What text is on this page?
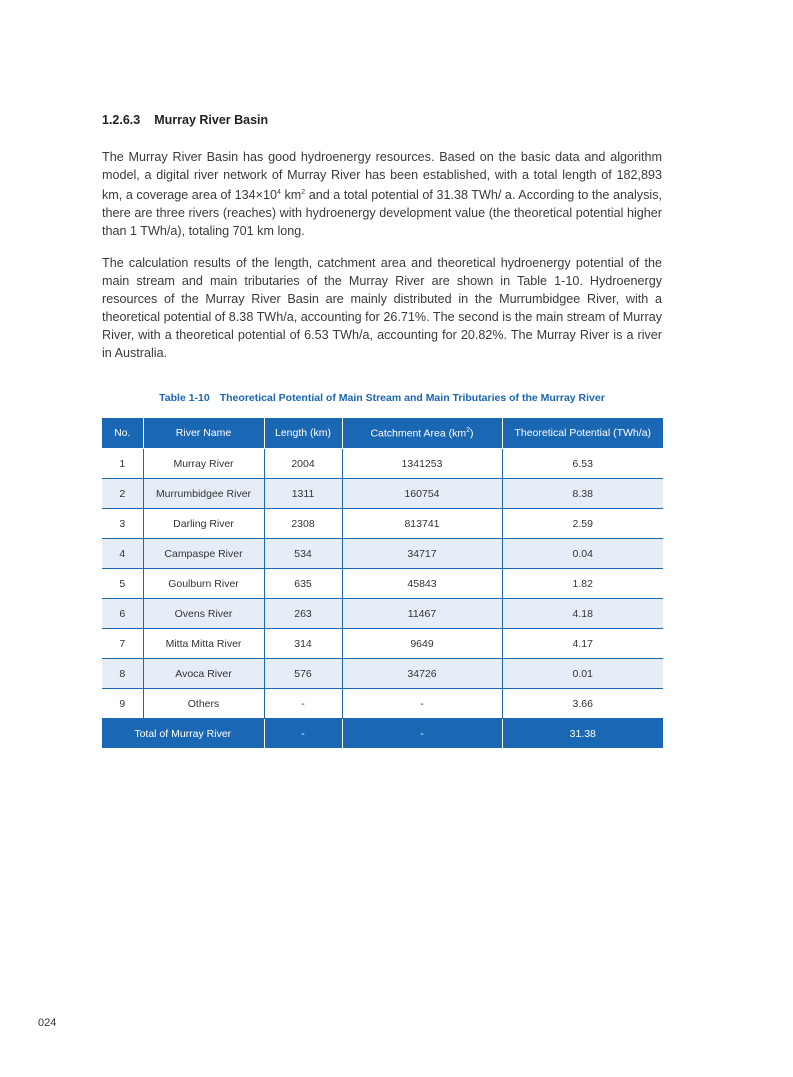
1.2.6.3 Murray River Basin
The Murray River Basin has good hydroenergy resources. Based on the basic data and algorithm model, a digital river network of Murray River has been established, with a total length of 182,893 km, a coverage area of $134\times 10^4$ $km^2$ and a total potential of 31.38 TWh/ a. According to the analysis, there are three rivers (reaches) with hydroenergy development value (the theoretical potential higher than 1 TWh/a), totaling 701 km long.
The calculation results of the length, catchment area and theoretical hydroenergy potential of the main stream and main tributaries of the Murray River are shown in Table 1-10. Hydroenergy resources of the Murray River Basin are mainly distributed in the Murrumbidgee River, with a theoretical potential of 8.38 TWh/a, accounting for 26.71%. The second is the main stream of Murray River, with a theoretical potential of 6.53 TWh/a, accounting for 20.82%. The Murray River is a river in Australia.
Table 1-10 Theoretical Potential of Main Stream and Main Tributaries of the Murray River
No.	River Name	Length (km)	Catchment Area $(km^2)$	Theoretical Potential (TWh/a)
1	Murray River	2004	1341253	6.53
2	Murrumbidgee River	1311	160754	8.38
3	Darling River	2308	813741	2.59
4	Campaspe River	534	34717	0.04
5	Goulburn River	635	45843	1.82
6	Ovens River	263	11467	4.18
7	Mitta Mitta River	314	9649	4.17
8	Avoca River	576	34726	0.01
9	Others	-	-	3.66
Total of Murray River		-	-	31.38
024
